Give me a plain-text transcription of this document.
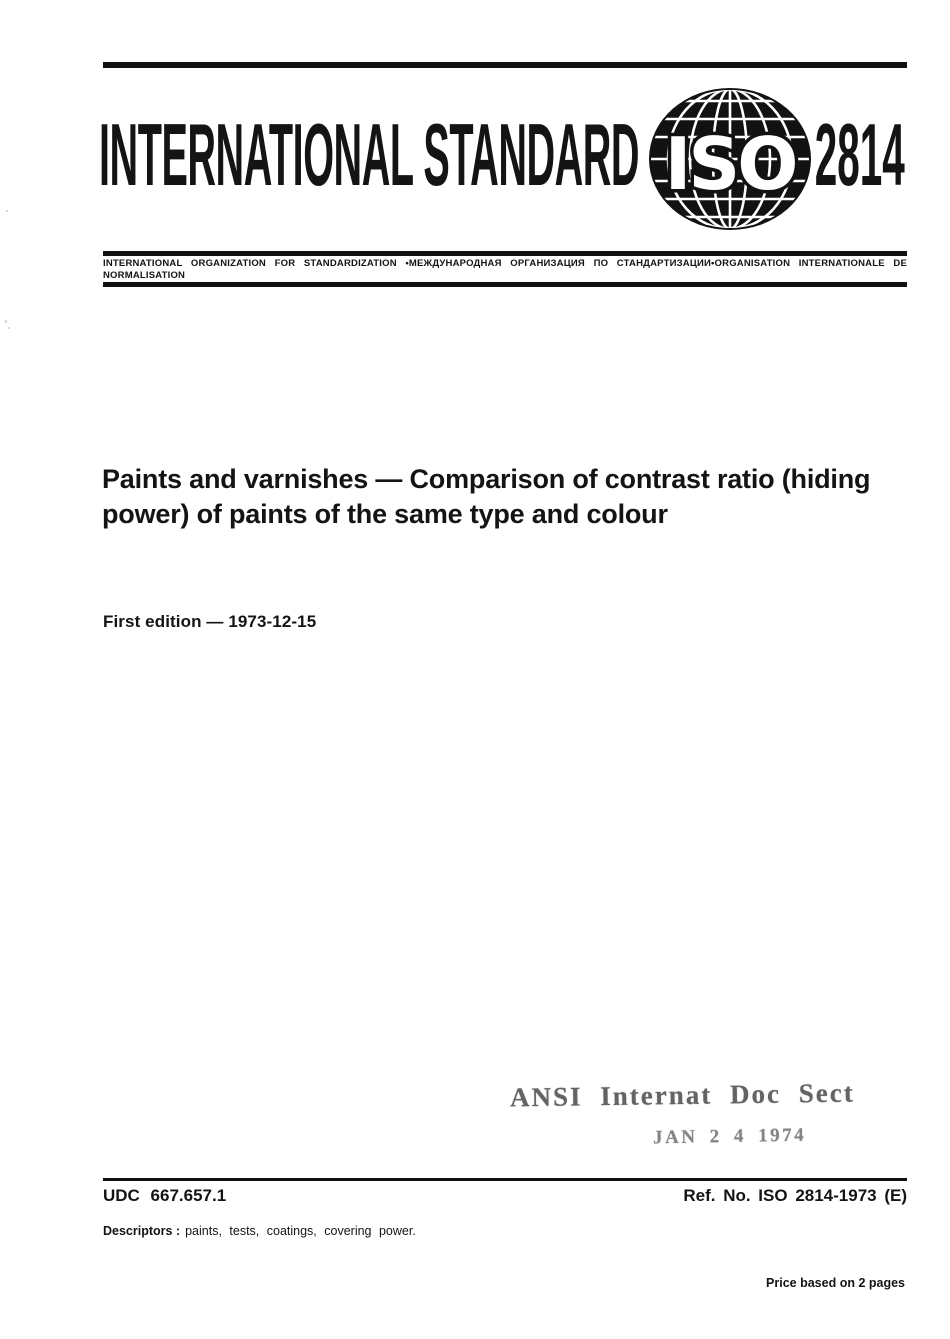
INTERNATIONAL STANDARD ISO 2814
INTERNATIONAL ORGANIZATION FOR STANDARDIZATION •МЕЖДУНАРОДНАЯ ОРГАНИЗАЦИЯ ПО СТАНДАРТИЗАЦИИ•ORGANISATION INTERNATIONALE DE NORMALISATION
Paints and varnishes — Comparison of contrast ratio (hiding
power) of paints of the same type and colour
First edition — 1973-12-15
ANSI Internat Doc Sect
JAN 2 4 1974
UDC 667.657.1	Ref. No. ISO 2814-1973 (E)
Descriptors : paints, tests, coatings, covering power.
Price based on 2 pages
